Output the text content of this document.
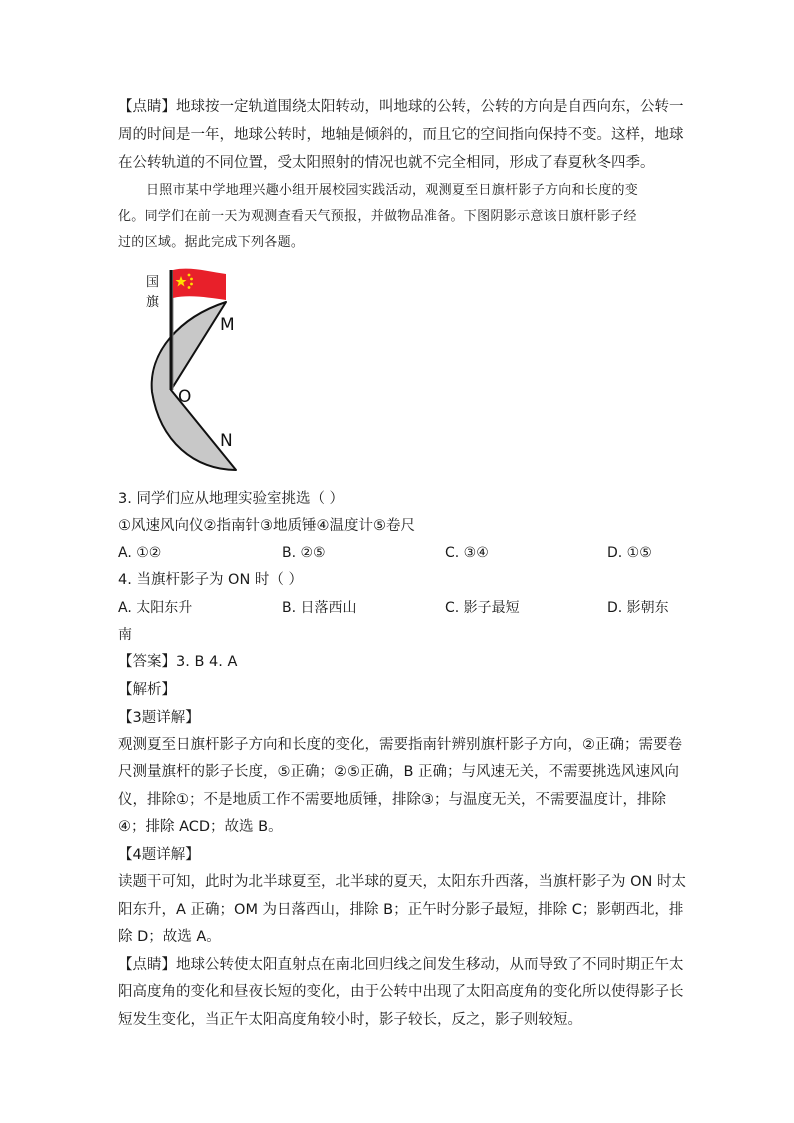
【点睛】地球按一定轨道围绕太阳转动，叫地球的公转，公转的方向是自西向东，公转一
周的时间是一年，地球公转时，地轴是倾斜的，而且它的空间指向保持不变。这样，地球
在公转轨道的不同位置，受太阳照射的情况也就不完全相同，形成了春夏秋冬四季。
日照市某中学地理兴趣小组开展校园实践活动，观测夏至日旗杆影子方向和长度的变
化。同学们在前一天为观测查看天气预报，并做物品准备。下图阴影示意该日旗杆影子经
过的区域。据此完成下列各题。
国
旗
M
O
N
3. 同学们应从地理实验室挑选（ ）
①风速风向仪②指南针③地质锤④温度计⑤卷尺
A. ①②	B. ②⑤	C. ③④	D. ①⑤
4. 当旗杆影子为 ON 时（ ）
A. 太阳东升	B. 日落西山	C. 影子最短	D. 影朝东
南
【答案】3. B 4. A
【解析】
【3题详解】
观测夏至日旗杆影子方向和长度的变化，需要指南针辨别旗杆影子方向，②正确；需要卷
尺测量旗杆的影子长度，⑤正确；②⑤正确，B 正确；与风速无关，不需要挑选风速风向
仪，排除①；不是地质工作不需要地质锤，排除③；与温度无关，不需要温度计，排除
④；排除 ACD；故选 B。
【4题详解】
读题干可知，此时为北半球夏至，北半球的夏天，太阳东升西落，当旗杆影子为 ON 时太
阳东升，A 正确；OM 为日落西山，排除 B；正午时分影子最短，排除 C；影朝西北，排
除 D；故选 A。
【点睛】地球公转使太阳直射点在南北回归线之间发生移动，从而导致了不同时期正午太
阳高度角的变化和昼夜长短的变化，由于公转中出现了太阳高度角的变化所以使得影子长
短发生变化，当正午太阳高度角较小时，影子较长，反之，影子则较短。
